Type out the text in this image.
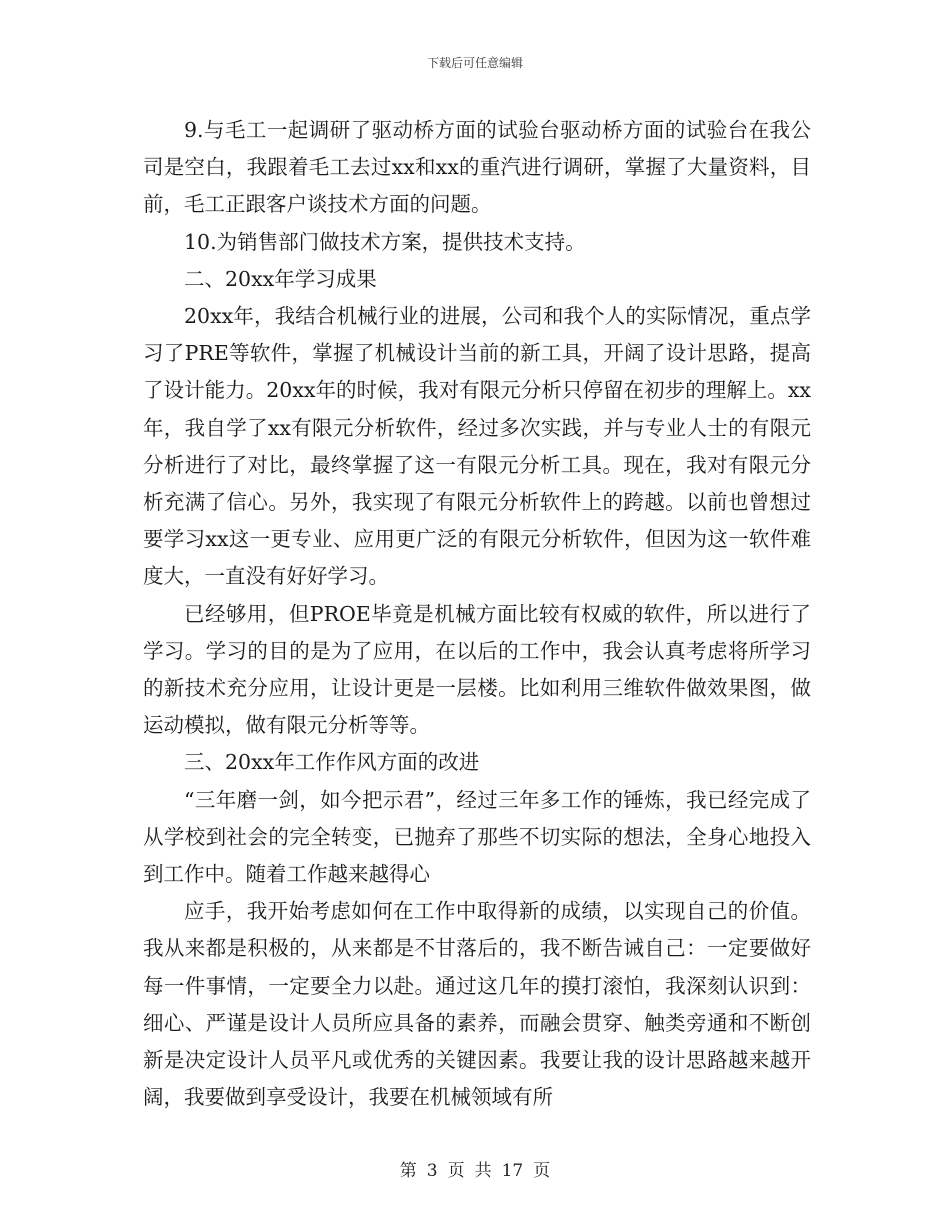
下载后可任意编辑

9.与毛工一起调研了驱动桥方面的试验台驱动桥方面的试验台在我公司是空白，我跟着毛工去过xx和xx的重汽进行调研，掌握了大量资料，目前，毛工正跟客户谈技术方面的问题。

10.为销售部门做技术方案，提供技术支持。

二、20xx年学习成果

20xx年，我结合机械行业的进展，公司和我个人的实际情况，重点学习了PRE等软件，掌握了机械设计当前的新工具，开阔了设计思路，提高了设计能力。20xx年的时候，我对有限元分析只停留在初步的理解上。xx年，我自学了xx有限元分析软件，经过多次实践，并与专业人士的有限元分析进行了对比，最终掌握了这一有限元分析工具。现在，我对有限元分析充满了信心。另外，我实现了有限元分析软件上的跨越。以前也曾想过要学习xx这一更专业、应用更广泛的有限元分析软件，但因为这一软件难度大，一直没有好好学习。

已经够用，但PROE毕竟是机械方面比较有权威的软件，所以进行了学习。学习的目的是为了应用，在以后的工作中，我会认真考虑将所学习的新技术充分应用，让设计更是一层楼。比如利用三维软件做效果图，做运动模拟，做有限元分析等等。

三、20xx年工作作风方面的改进

“三年磨一剑，如今把示君”，经过三年多工作的锤炼，我已经完成了从学校到社会的完全转变，已抛弃了那些不切实际的想法，全身心地投入到工作中。随着工作越来越得心

应手，我开始考虑如何在工作中取得新的成绩，以实现自己的价值。我从来都是积极的，从来都是不甘落后的，我不断告诫自己：一定要做好每一件事情，一定要全力以赴。通过这几年的摸打滚怕，我深刻认识到：细心、严谨是设计人员所应具备的素养，而融会贯穿、触类旁通和不断创新是决定设计人员平凡或优秀的关键因素。我要让我的设计思路越来越开阔，我要做到享受设计，我要在机械领域有所

第 3 页 共 17 页
